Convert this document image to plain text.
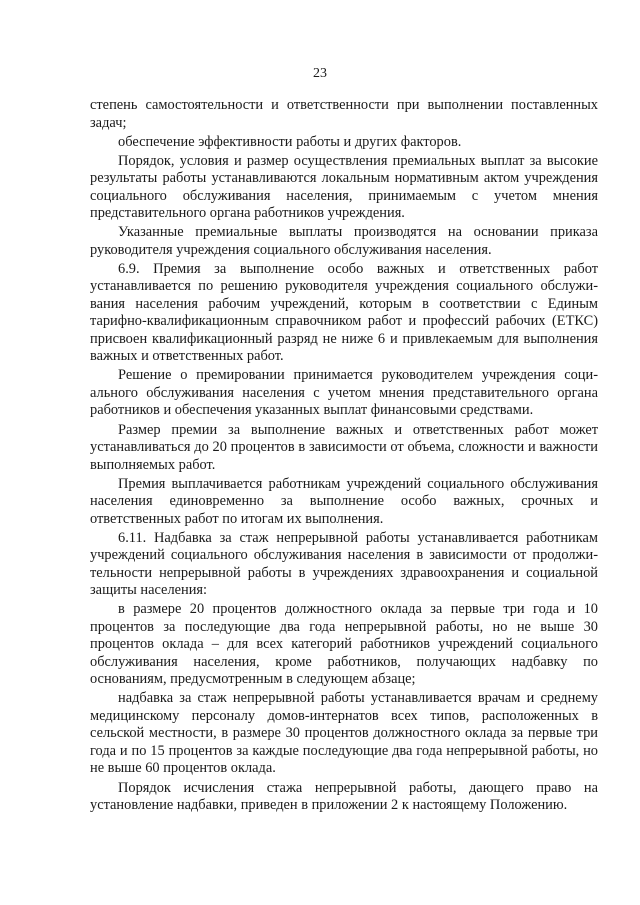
23

степень самостоятельности и ответственности при выполнении поставленных задач;

обеспечение эффективности работы и других факторов.

Порядок, условия и размер осуществления премиальных выплат за высокие результаты работы устанавливаются локальным нормативным актом учреждения социального обслуживания населения, принимаемым с учетом мнения представительного органа работников учреждения.

Указанные премиальные выплаты производятся на основании приказа руководителя учреждения социального обслуживания населения.

6.9. Премия за выполнение особо важных и ответственных работ устанавливается по решению руководителя учреждения социального обслуживания населения рабочим учреждений, которым в соответствии с Единым тарифно-квалификационным справочником работ и профессий рабочих (ЕТКС) присвоен квалификационный разряд не ниже 6 и привлекаемым для выполнения важных и ответственных работ.

Решение о премировании принимается руководителем учреждения социального обслуживания населения с учетом мнения представительного органа работников и обеспечения указанных выплат финансовыми средствами.

Размер премии за выполнение важных и ответственных работ может устанавливаться до 20 процентов в зависимости от объема, сложности и важности выполняемых работ.

Премия выплачивается работникам учреждений социального обслуживания населения единовременно за выполнение особо важных, срочных и ответственных работ по итогам их выполнения.

6.11. Надбавка за стаж непрерывной работы устанавливается работникам учреждений социального обслуживания населения в зависимости от продолжительности непрерывной работы в учреждениях здравоохранения и социальной защиты населения:

в размере 20 процентов должностного оклада за первые три года и 10 процентов за последующие два года непрерывной работы, но не выше 30 процентов оклада – для всех категорий работников учреждений социального обслуживания населения, кроме работников, получающих надбавку по основаниям, предусмотренным в следующем абзаце;

надбавка за стаж непрерывной работы устанавливается врачам и среднему медицинскому персоналу домов-интернатов всех типов, расположенных в сельской местности, в размере 30 процентов должностного оклада за первые три года и по 15 процентов за каждые последующие два года непрерывной работы, но не выше 60 процентов оклада.

Порядок исчисления стажа непрерывной работы, дающего право на установление надбавки, приведен в приложении 2 к настоящему Положению.
